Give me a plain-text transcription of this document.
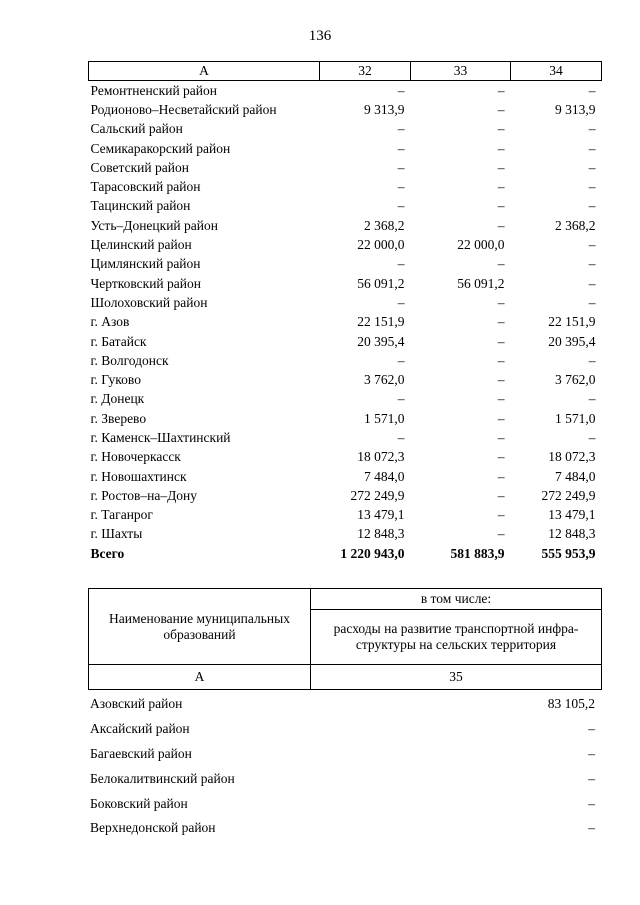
136
А	32	33	34
Ремонтненский район	–	–	–
Родионово–Несветайский район	9 313,9	–	9 313,9
Сальский район	–	–	–
Семикаракорский район	–	–	–
Советский район	–	–	–
Тарасовский район	–	–	–
Тацинский район	–	–	–
Усть–Донецкий район	2 368,2	–	2 368,2
Целинский район	22 000,0	22 000,0	–
Цимлянский район	–	–	–
Чертковский район	56 091,2	56 091,2	–
Шолоховский район	–	–	–
г. Азов	22 151,9	–	22 151,9
г. Батайск	20 395,4	–	20 395,4
г. Волгодонск	–	–	–
г. Гуково	3 762,0	–	3 762,0
г. Донецк	–	–	–
г. Зверево	1 571,0	–	1 571,0
г. Каменск–Шахтинский	–	–	–
г. Новочеркасск	18 072,3	–	18 072,3
г. Новошахтинск	7 484,0	–	7 484,0
г. Ростов–на–Дону	272 249,9	–	272 249,9
г. Таганрог	13 479,1	–	13 479,1
г. Шахты	12 848,3	–	12 848,3
Всего	1 220 943,0	581 883,9	555 953,9
Наименование муниципальных образований	в том числе:
	расходы на развитие транспортной инфра-структуры на сельских территория
А	35
Азовский район	83 105,2
Аксайский район	–
Багаевский район	–
Белокалитвинский район	–
Боковский район	–
Верхнедонской район	–
